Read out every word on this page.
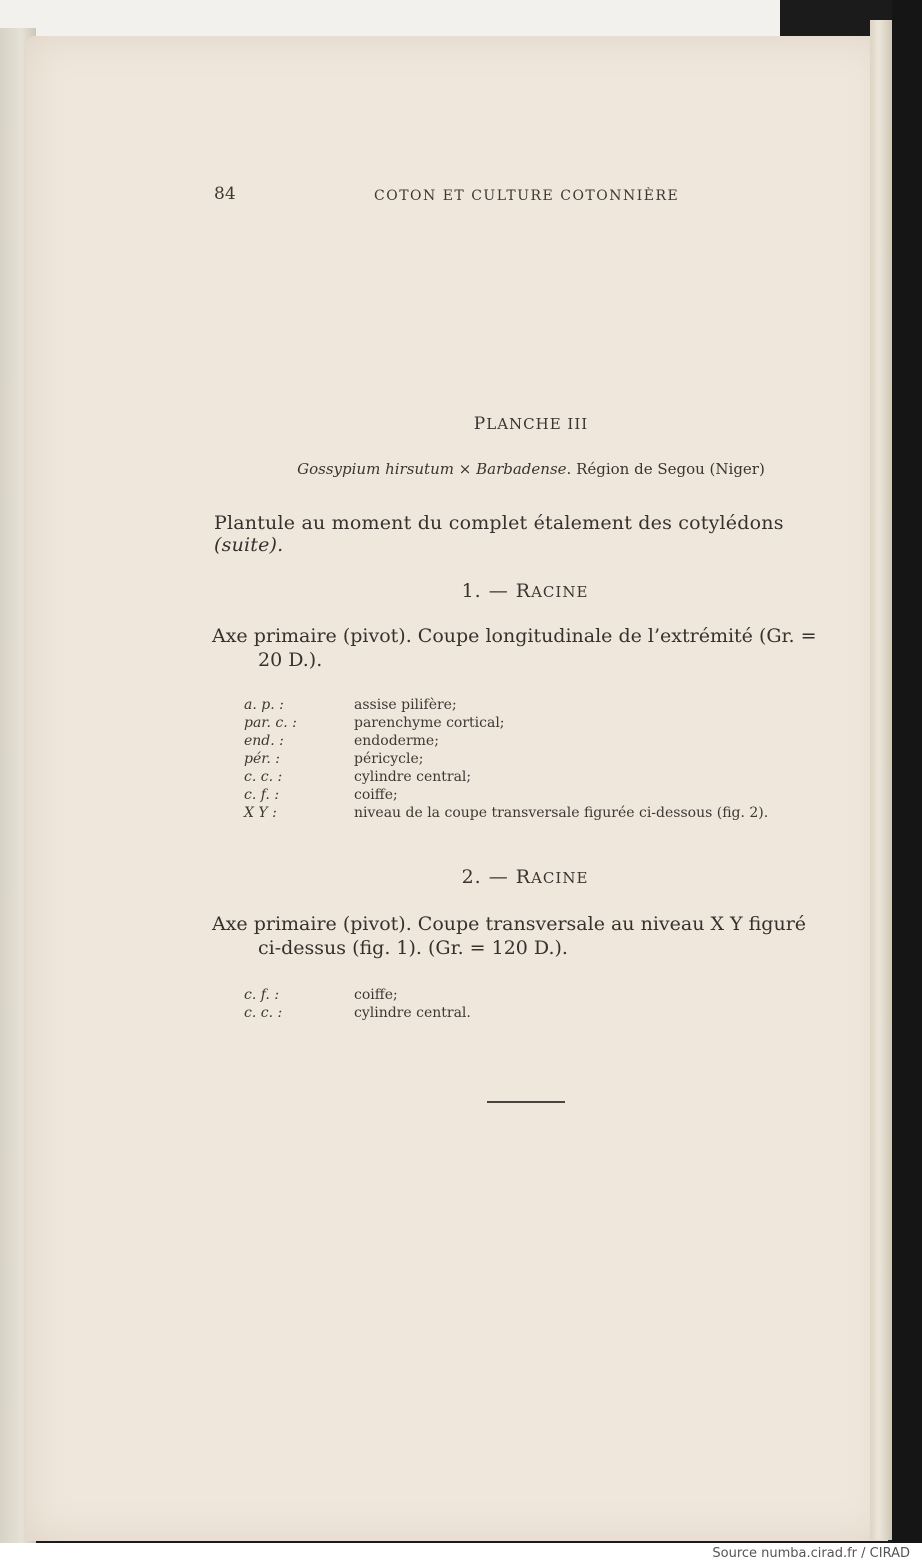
84	COTON ET CULTURE COTONNIÈRE
PLANCHE III
Gossypium hirsutum × Barbadense. Région de Segou (Niger)
Plantule au moment du complet étalement des cotylédons (suite).
1. — RACINE
Axe primaire (pivot). Coupe longitudinale de l’extrémité (Gr. =
20 D.).
a. p. :	assise pilifère;
par. c. :	parenchyme cortical;
end. :	endoderme;
pér. :	péricycle;
c. c. :	cylindre central;
c. f. :	coiffe;
X Y :	niveau de la coupe transversale figurée ci-dessous (fig. 2).
2. — RACINE
Axe primaire (pivot). Coupe transversale au niveau X Y figuré
ci-dessus (fig. 1). (Gr. = 120 D.).
c. f. :	coiffe;
c. c. :	cylindre central.
Source numba.cirad.fr / CIRAD
